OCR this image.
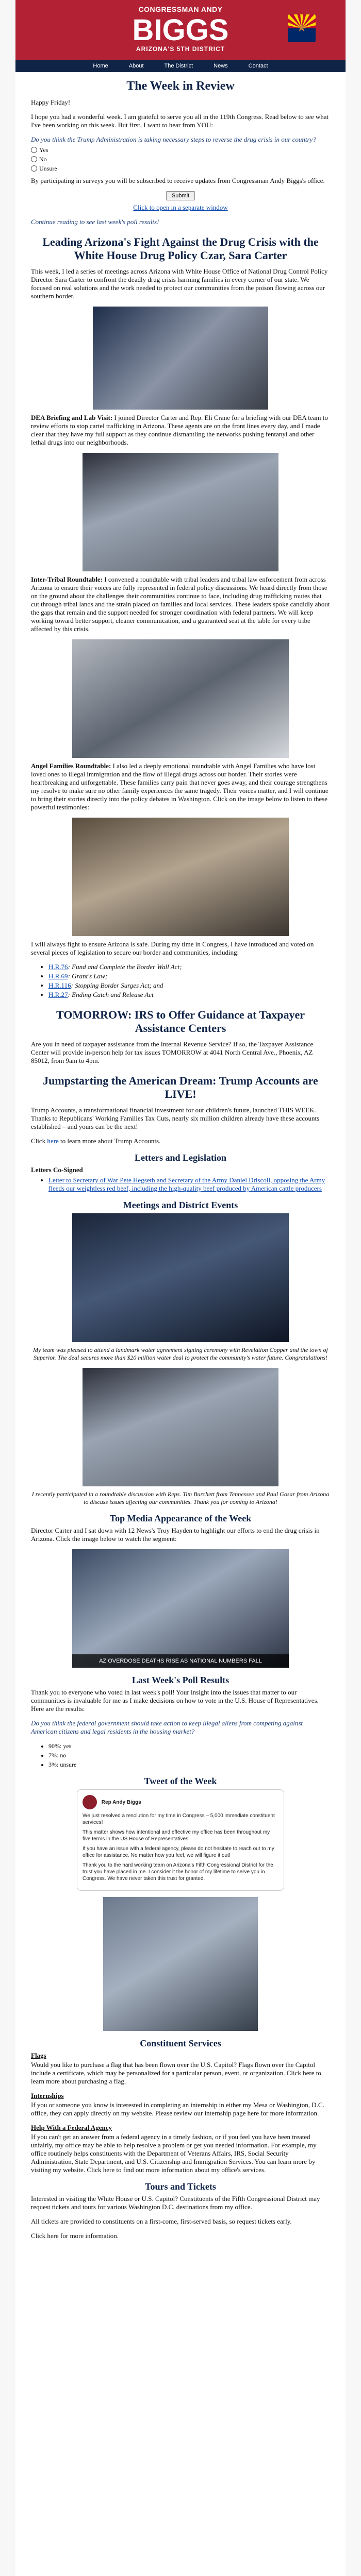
CONGRESSMAN ANDY
BIGGS
ARIZONA'S 5TH DISTRICT
★
Home	About	The District	News	Contact
The Week in Review

Happy Friday!

I hope you had a wonderful week. I am grateful to serve you all in the 119th Congress. Read below to see what I've been working on this week. But first, I want to hear from YOU:

Do you think the Trump Administration is taking necessary steps to reverse the drug crisis in our country?

Yes
No
Unsure

By participating in surveys you will be subscribed to receive updates from Congressman Andy Biggs's office.

Submit

Click to open in a separate window

Continue reading to see last week's poll results!

Leading Arizona's Fight Against the Drug Crisis with the White House Drug Policy Czar, Sara Carter

This week, I led a series of meetings across Arizona with White House Office of National Drug Control Policy Director Sara Carter to confront the deadly drug crisis harming families in every corner of our state. We focused on real solutions and the work needed to protect our communities from the poison flowing across our southern border.

DEA Briefing and Lab Visit: I joined Director Carter and Rep. Eli Crane for a briefing with our DEA team to review efforts to stop cartel trafficking in Arizona. These agents are on the front lines every day, and I made clear that they have my full support as they continue dismantling the networks pushing fentanyl and other lethal drugs into our neighborhoods.

Inter-Tribal Roundtable: I convened a roundtable with tribal leaders and tribal law enforcement from across Arizona to ensure their voices are fully represented in federal policy discussions. We heard directly from those on the ground about the challenges their communities continue to face, including drug trafficking routes that cut through tribal lands and the strain placed on families and local services. These leaders spoke candidly about the gaps that remain and the support needed for stronger coordination with federal partners. We will keep working toward better support, cleaner communication, and a guaranteed seat at the table for every tribe affected by this crisis.

Angel Families Roundtable: I also led a deeply emotional roundtable with Angel Families who have lost loved ones to illegal immigration and the flow of illegal drugs across our border. Their stories were heartbreaking and unforgettable. These families carry pain that never goes away, and their courage strengthens my resolve to make sure no other family experiences the same tragedy. Their voices matter, and I will continue to bring their stories directly into the policy debates in Washington. Click on the image below to listen to these powerful testimonies:

I will always fight to ensure Arizona is safe. During my time in Congress, I have introduced and voted on several pieces of legislation to secure our border and communities, including:

• H.R.76: Fund and Complete the Border Wall Act;
• H.R.69: Grant's Law;
• H.R.116: Stopping Border Surges Act; and
• H.R.27: Ending Catch and Release Act
TOMORROW: IRS to Offer Guidance at Taxpayer Assistance Centers

Are you in need of taxpayer assistance from the Internal Revenue Service? If so, the Taxpayer Assistance Center will provide in-person help for tax issues TOMORROW at 4041 North Central Ave., Phoenix, AZ 85012, from 9am to 4pm.

Jumpstarting the American Dream: Trump Accounts are LIVE!

Trump Accounts, a transformational financial investment for our children's future, launched THIS WEEK. Thanks to Republicans' Working Families Tax Cuts, nearly six million children already have these accounts established – and yours can be the next!

Click here to learn more about Trump Accounts.

Letters and Legislation

Letters Co-Signed

• Letter to Secretary of War Pete Hegseth and Secretary of the Army Daniel Driscoll, opposing the Army fleeds our weightless red beef, including the high-quality beef produced by American cattle producers
Meetings and District Events

My team was pleased to attend a landmark water agreement signing ceremony with Revelation Copper and the town of Superior. The deal secures more than $20 million water deal to protect the community's water future. Congratulations!

I recently participated in a roundtable discussion with Reps. Tim Burchett from Tennessee and Paul Gosar from Arizona to discuss issues affecting our communities. Thank you for coming to Arizona!

Top Media Appearance of the Week

Director Carter and I sat down with 12 News's Troy Hayden to highlight our efforts to end the drug crisis in Arizona. Click the image below to watch the segment:

AZ OVERDOSE DEATHS RISE AS NATIONAL NUMBERS FALL
Last Week's Poll Results

Thank you to everyone who voted in last week's poll! Your insight into the issues that matter to our communities is invaluable for me as I make decisions on how to vote in the U.S. House of Representatives. Here are the results:

Do you think the federal government should take action to keep illegal aliens from competing against American citizens and legal residents in the housing market?

• 90%: yes
• 7%: no
• 3%: unsure
Tweet of the Week
Rep Andy Biggs

We just resolved a resolution for my time in Congress – 5,000 immediate constituent services!

This matter shows how intentional and effective my office has been throughout my five terms in the US House of Representatives.

If you have an issue with a federal agency, please do not hesitate to reach out to my office for assistance. No matter how you feel, we will figure it out!

Thank you to the hard working team on Arizona's Fifth Congressional District for the trust you have placed in me. I consider it the honor of my lifetime to serve you in Congress. We have never taken this trust for granted.

Constituent Services

Flags

Would you like to purchase a flag that has been flown over the U.S. Capitol? Flags flown over the Capitol include a certificate, which may be personalized for a particular person, event, or organization. Click here to learn more about purchasing a flag.

Internships

If you or someone you know is interested in completing an internship in either my Mesa or Washington, D.C. office, they can apply directly on my website. Please review our internship page here for more information.

Help With a Federal Agency

If you can't get an answer from a federal agency in a timely fashion, or if you feel you have been treated unfairly, my office may be able to help resolve a problem or get you needed information. For example, my office routinely helps constituents with the Department of Veterans Affairs, IRS, Social Security Administration, State Department, and U.S. Citizenship and Immigration Services. You can learn more by visiting my website. Click here to find out more information about my office's services.

Tours and Tickets

Interested in visiting the White House or U.S. Capitol? Constituents of the Fifth Congressional District may request tickets and tours for various Washington D.C. destinations from my office.

All tickets are provided to constituents on a first-come, first-served basis, so request tickets early.

Click here for more information.
